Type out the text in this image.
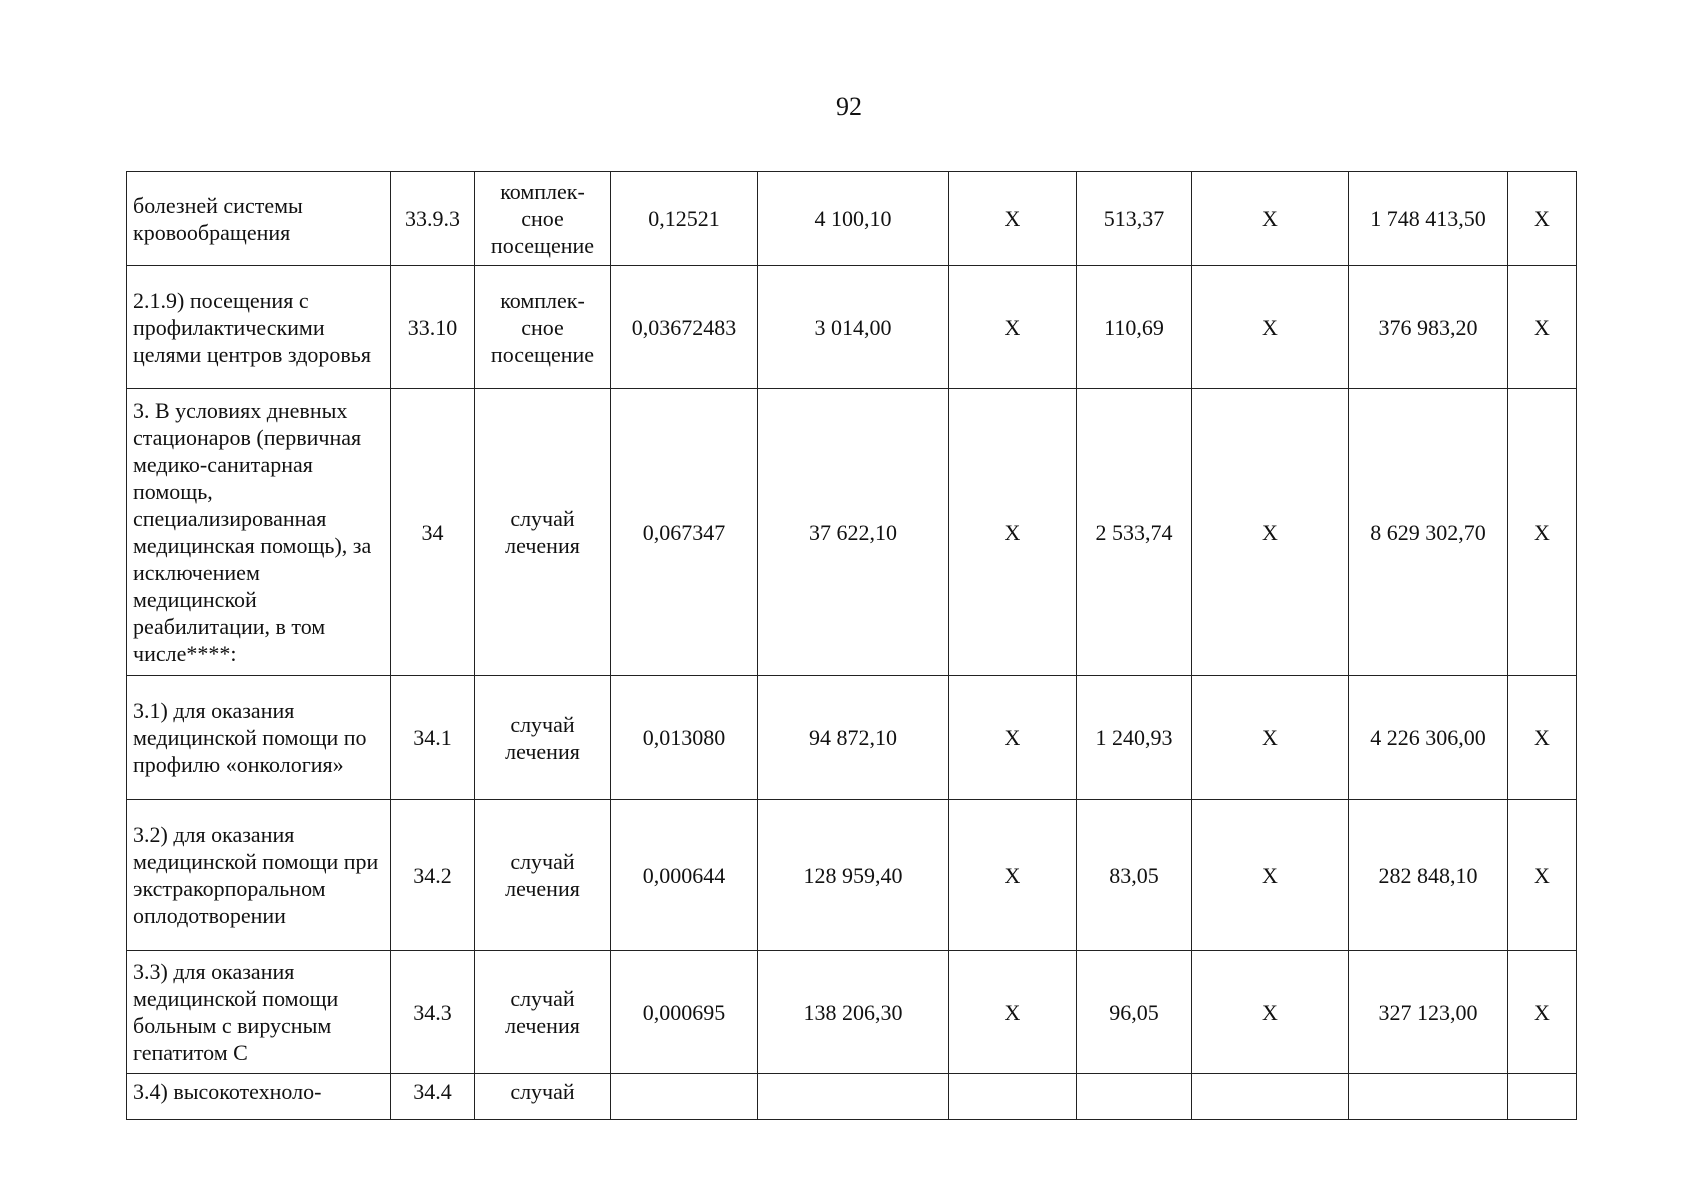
92
болезней системы кровообращения	33.9.3	комплек-сное посещение	0,12521	4 100,10	X	513,37	X	1 748 413,50	X
2.1.9) посещения с профилактическими целями центров здоровья	33.10	комплек-сное посещение	0,03672483	3 014,00	X	110,69	X	376 983,20	X
3. В условиях дневных стационаров (первичная медико-санитарная помощь, специализированная медицинская помощь), за исключением медицинской реабилитации, в том числе****:	34	случай лечения	0,067347	37 622,10	X	2 533,74	X	8 629 302,70	X
3.1) для оказания медицинской помощи по профилю «онкология»	34.1	случай лечения	0,013080	94 872,10	X	1 240,93	X	4 226 306,00	X
3.2) для оказания медицинской помощи при экстракорпоральном оплодотворении	34.2	случай лечения	0,000644	128 959,40	X	83,05	X	282 848,10	X
3.3) для оказания медицинской помощи больным с вирусным гепатитом С	34.3	случай лечения	0,000695	138 206,30	X	96,05	X	327 123,00	X
3.4) высокотехноло-	34.4	случай							
